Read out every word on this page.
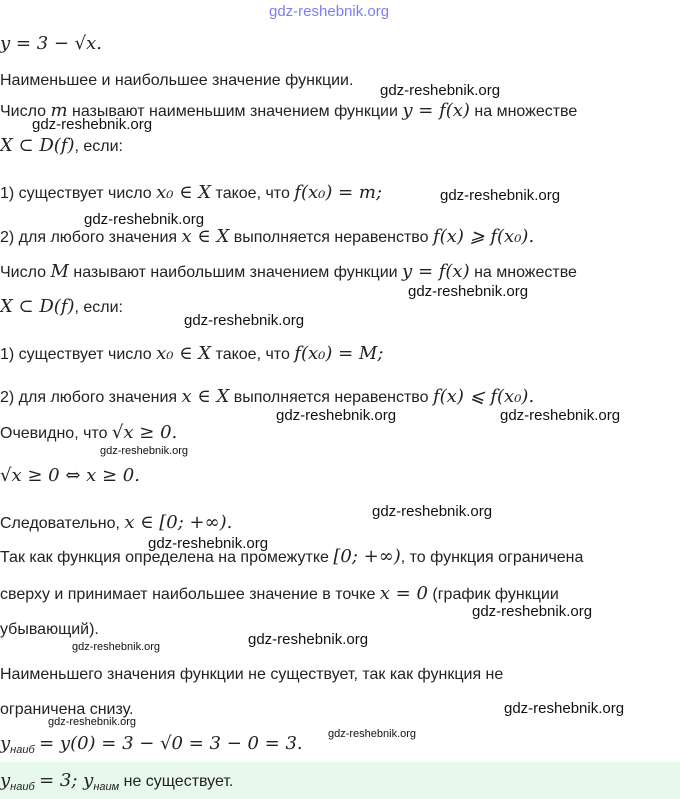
gdz-reshebnik.org
y = 3 − √x.
Наименьшее и наибольшее значение функции.
Число m называют наименьшим значением функции y = f(x) на множестве
X ⊂ D(f), если:
1) существует число x₀ ∈ X такое, что f(x₀) = m;
2) для любого значения x ∈ X выполняется неравенство f(x) ⩾ f(x₀).
Число M называют наибольшим значением функции y = f(x) на множестве
X ⊂ D(f), если:
1) существует число x₀ ∈ X такое, что f(x₀) = M;
2) для любого значения x ∈ X выполняется неравенство f(x) ⩽ f(x₀).
Очевидно, что √x ≥ 0.
√x ≥ 0 ⇔ x ≥ 0.
Следовательно, x ∈ [0; +∞).
Так как функция определена на промежутке [0; +∞), то функция ограничена
сверху и принимает наибольшее значение в точке x = 0 (график функции
убывающий).
Наименьшего значения функции не существует, так как функция не
ограничена снизу.
$y_{наиб} = y(0) = 3 - √0 = 3 - 0 = 3$.
$y_{наиб} = 3$; $y_{наим}$ не существует.
gdz-reshebnik.org
gdz-reshebnik.org
gdz-reshebnik.org
gdz-reshebnik.org
gdz-reshebnik.org
gdz-reshebnik.org
gdz-reshebnik.org	gdz-reshebnik.org
gdz-reshebnik.org
gdz-reshebnik.org
gdz-reshebnik.org
gdz-reshebnik.org
gdz-reshebnik.org	gdz-reshebnik.org
gdz-reshebnik.org
gdz-reshebnik.org
gdz-reshebnik.org
